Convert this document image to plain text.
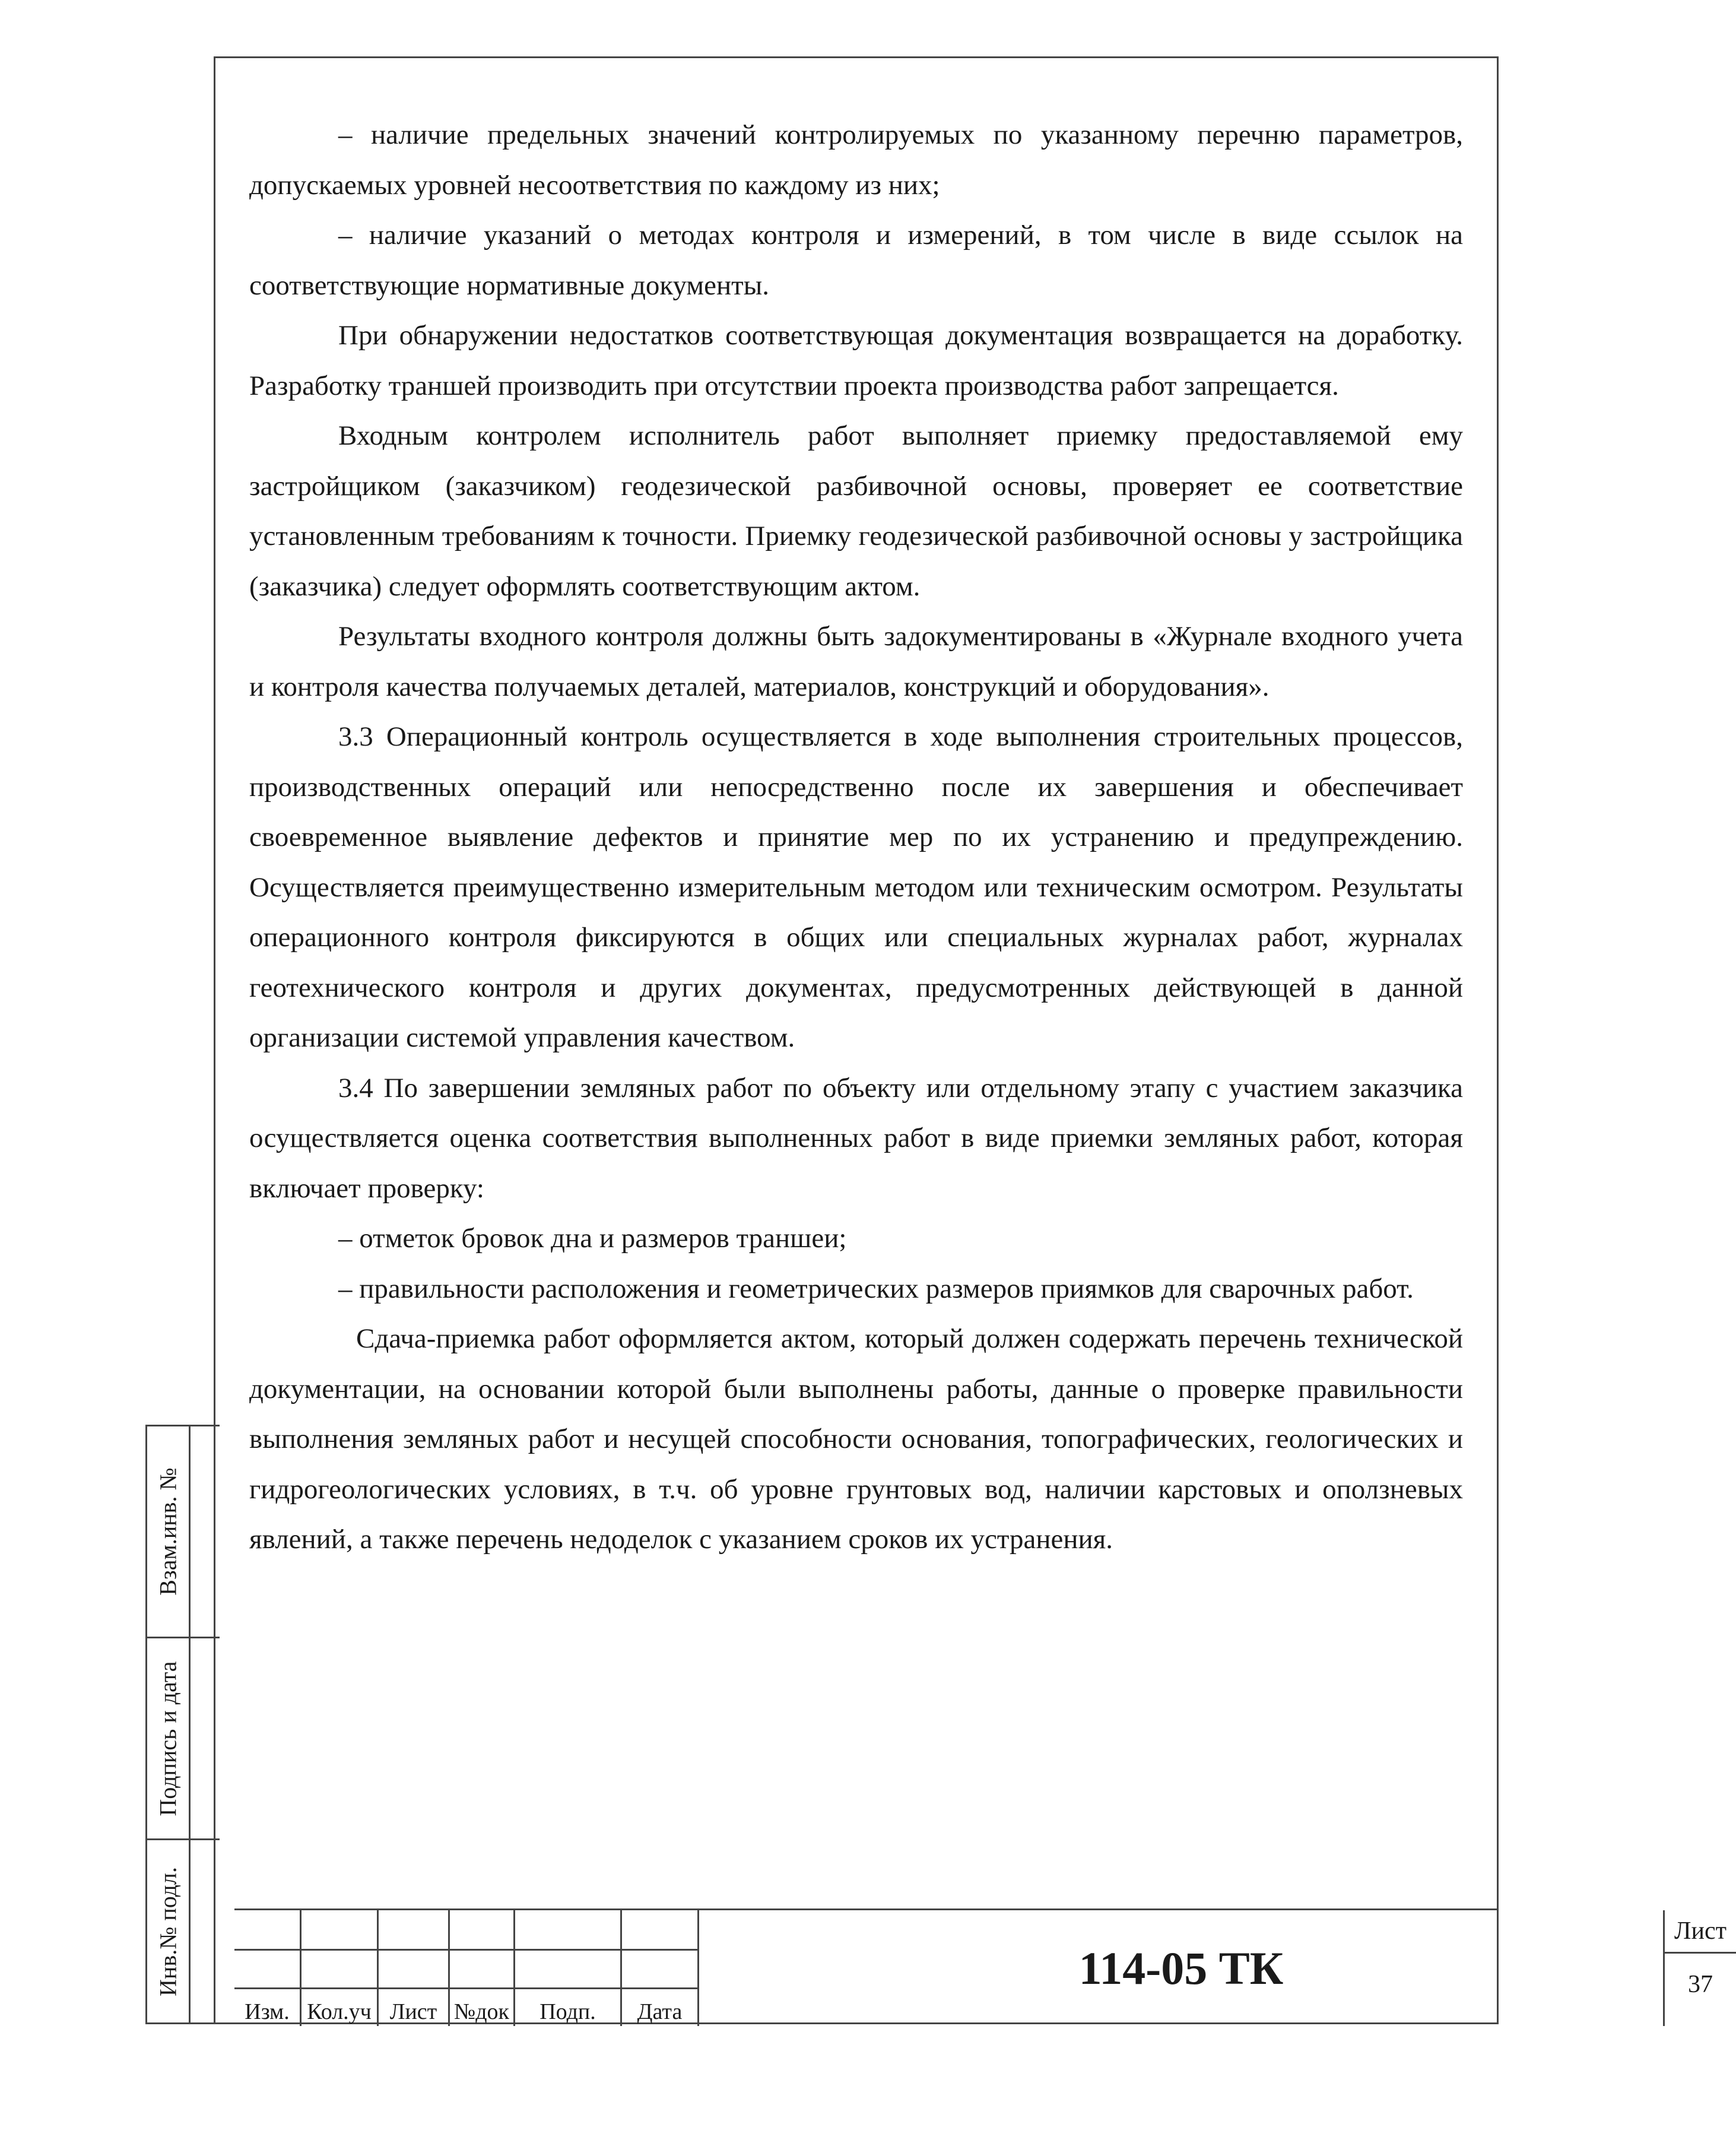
– наличие предельных значений контролируемых по указанному перечню параметров, допускаемых уровней несоответствия по каждому из них;

– наличие указаний о методах контроля и измерений, в том числе в виде ссылок на соответствующие нормативные документы.

При обнаружении недостатков соответствующая документация возвращается на доработку. Разработку траншей производить при отсутствии проекта производства работ запрещается.

Входным контролем исполнитель работ выполняет приемку предоставляемой ему застройщиком (заказчиком) геодезической разбивочной основы, проверяет ее соответствие установленным требованиям к точности. Приемку геодезической разбивочной основы у застройщика (заказчика) следует оформлять соответствующим актом.

Результаты входного контроля должны быть задокументированы в «Журнале входного учета и контроля качества получаемых деталей, материалов, конструкций и оборудования».

3.3 Операционный контроль осуществляется в ходе выполнения строительных процессов, производственных операций или непосредственно после их завершения и обеспечивает своевременное выявление дефектов и принятие мер по их устранению и предупреждению. Осуществляется преимущественно измерительным методом или техническим осмотром. Результаты операционного контроля фиксируются в общих или специальных журналах работ, журналах геотехнического контроля и других документах, предусмотренных действующей в данной организации системой управления качеством.

3.4 По завершении земляных работ по объекту или отдельному этапу с участием заказчика осуществляется оценка соответствия выполненных работ в виде приемки земляных работ, которая включает проверку:

– отметок бровок дна и размеров траншеи;

– правильности расположения и геометрических размеров приямков для сварочных работ.

Сдача-приемка работ оформляется актом, который должен содержать перечень технической документации, на основании которой были выполнены работы, данные о проверке правильности выполнения земляных работ и несущей способности основания, топографических, геологических и гидрогеологических условиях, в т.ч. об уровне грунтовых вод, наличии карстовых и оползневых явлений, а также перечень недоделок с указанием сроков их устранения.

Взам.инв. №
Подпись и дата
Инв.№ подл.
Изм. Кол.уч Лист №док	Подп.	Дата
114-05 ТК
Лист
37
